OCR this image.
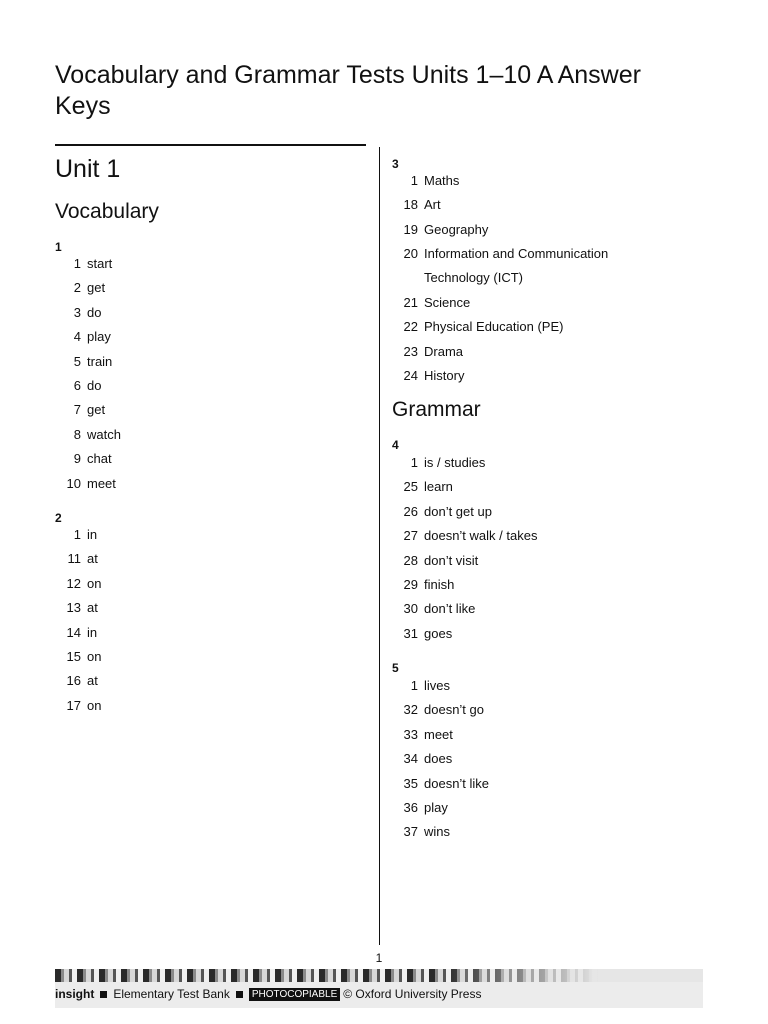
Vocabulary and Grammar Tests Units 1–10 A Answer Keys
Unit 1
Vocabulary
1
1 start
2 get
3 do
4 play
5 train
6 do
7 get
8 watch
9 chat
10 meet
2
1 in
11 at
12 on
13 at
14 in
15 on
16 at
17 on
3
1 Maths
18 Art
19 Geography
20 Information and Communication Technology (ICT)
21 Science
22 Physical Education (PE)
23 Drama
24 History
Grammar
4
1 is / studies
25 learn
26 don’t get up
27 doesn’t walk / takes
28 don’t visit
29 finish
30 don’t like
31 goes
5
1 lives
32 doesn’t go
33 meet
34 does
35 doesn’t like
36 play
37 wins
1
insight Elementary Test Bank	PHOTOCOPIABLE © Oxford University Press
